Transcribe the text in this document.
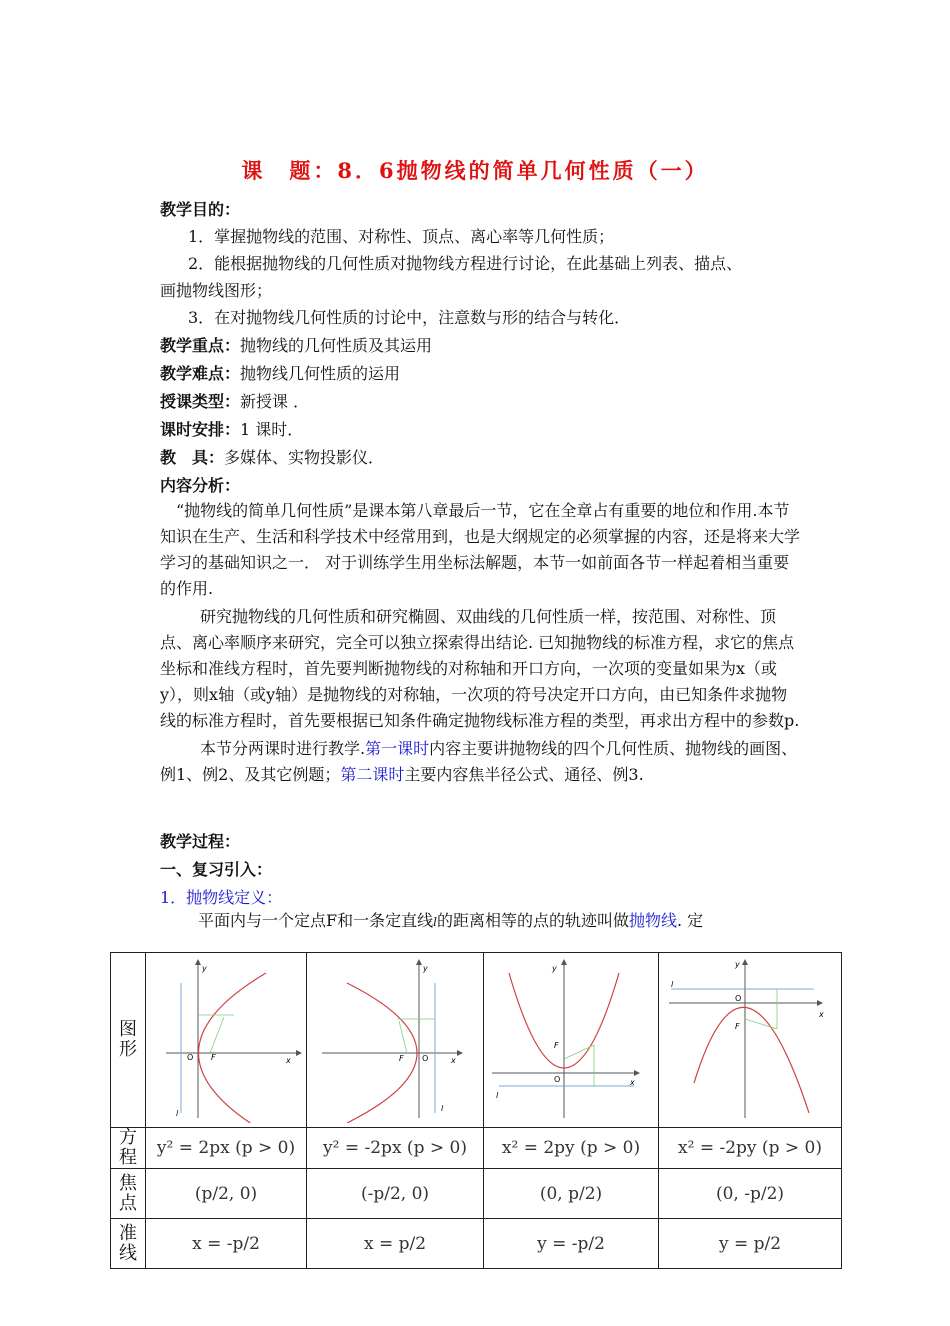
课　题：8．6抛物线的简单几何性质（一）
教学目的：
1．掌握抛物线的范围、对称性、顶点、离心率等几何性质；
2．能根据抛物线的几何性质对抛物线方程进行讨论，在此基础上列表、描点、
画抛物线图形；
3．在对抛物线几何性质的讨论中，注意数与形的结合与转化．
教学重点：抛物线的几何性质及其运用
教学难点：抛物线几何性质的运用
授课类型：新授课 ．
课时安排：1 课时．
教　具：多媒体、实物投影仪．
内容分析：

“抛物线的简单几何性质”是课本第八章最后一节，它在全章占有重要的地位和作用.本节知识在生产、生活和科学技术中经常用到，也是大纲规定的必须掌握的内容，还是将来大学学习的基础知识之一． 对于训练学生用坐标法解题，本节一如前面各节一样起着相当重要的作用.

研究抛物线的几何性质和研究椭圆、双曲线的几何性质一样，按范围、对称性、顶点、离心率顺序来研究，完全可以独立探索得出结论. 已知抛物线的标准方程，求它的焦点坐标和准线方程时，首先要判断抛物线的对称轴和开口方向，一次项的变量如果为x（或y），则x轴（或y轴）是抛物线的对称轴，一次项的符号决定开口方向，由已知条件求抛物线的标准方程时，首先要根据已知条件确定抛物线标准方程的类型，再求出方程中的参数p.

本节分两课时进行教学.第一课时内容主要讲抛物线的四个几何性质、抛物线的画图、例1、例2、及其它例题；第二课时主要内容焦半径公式、通径、例3.

教学过程：
一、复习引入：
1．抛物线定义：
平面内与一个定点F和一条定直线l的距离相等的点的轨迹叫做抛物线. 定
图形	y
x
O F
l	y
x
O
F
l	y
x
O
F
l	y
x
O
F
l

方程	y² = 2px (p > 0)	y² = -2px (p > 0)	x² = 2py (p > 0)	x² = -2py (p > 0)
焦点	(p/2, 0)	(-p/2, 0)	(0, p/2)	(0, -p/2)
准线	x = -p/2	x = p/2	y = -p/2	y = p/2
